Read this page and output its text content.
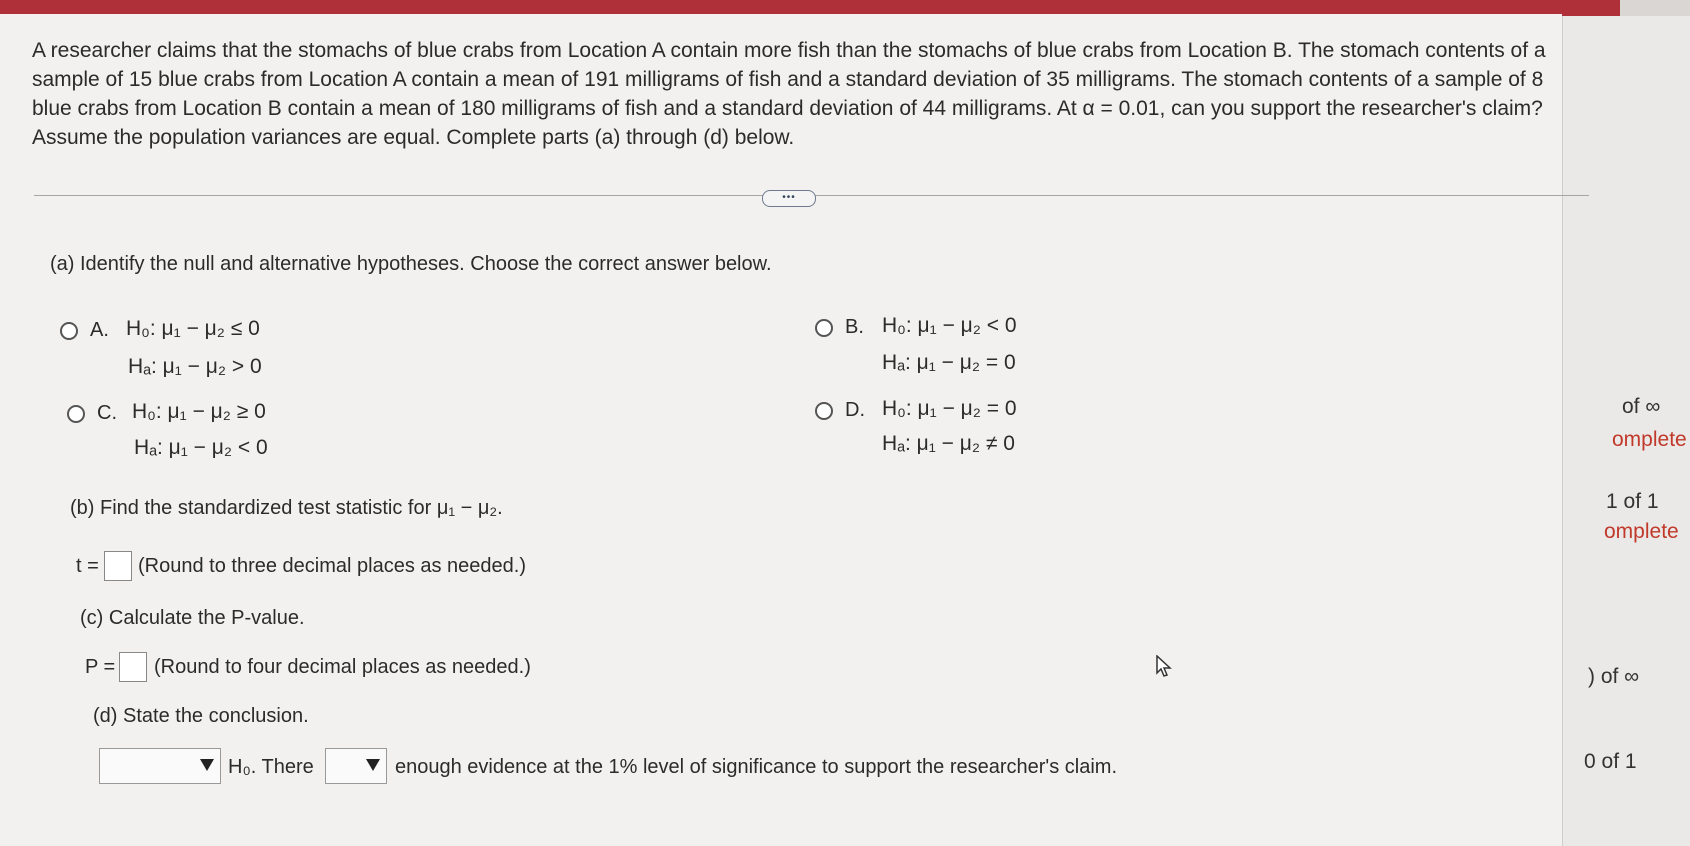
A researcher claims that the stomachs of blue crabs from Location A contain more fish than the stomachs of blue crabs from Location B. The stomach contents of a
sample of 15 blue crabs from Location A contain a mean of 191 milligrams of fish and a standard deviation of 35 milligrams. The stomach contents of a sample of 8
blue crabs from Location B contain a mean of 180 milligrams of fish and a standard deviation of 44 milligrams. At α = 0.01, can you support the researcher's claim?
Assume the population variances are equal. Complete parts (a) through (d) below.
•••
(a) Identify the null and alternative hypotheses. Choose the correct answer below.
A. H₀: μ₁ − μ₂ ≤ 0
Hₐ: μ₁ − μ₂ > 0
B. H₀: μ₁ − μ₂ < 0
Hₐ: μ₁ − μ₂ = 0
C. H₀: μ₁ − μ₂ ≥ 0
Hₐ: μ₁ − μ₂ < 0
D. H₀: μ₁ − μ₂ = 0
Hₐ: μ₁ − μ₂ ≠ 0
(b) Find the standardized test statistic for μ₁ − μ₂.
t = (Round to three decimal places as needed.)
(c) Calculate the P-value.
P = (Round to four decimal places as needed.)
(d) State the conclusion.
H₀. There	enough evidence at the 1% level of significance to support the researcher's claim.
of ∞
omplete
1 of 1
omplete
) of ∞
0 of 1
